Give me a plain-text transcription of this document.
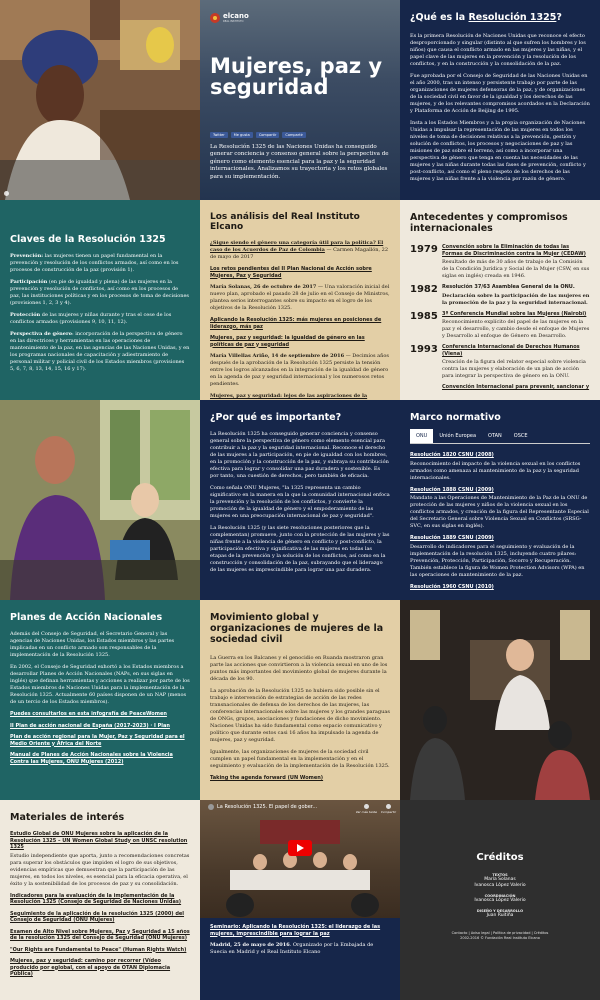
elcano
REAL INSTITUTO
Mujeres, paz y seguridad
Twitter	Me gusta	Compartir	Compartir
La Resolución 1325 de las Naciones Unidas ha conseguido generar conciencia y consenso general sobre la perspectiva de género como elemento esencial para la paz y la seguridad internacionales. Analizamos su trayectoria y los retos globales para su implementación.
¿Qué es la Resolución 1325?
Es la primera Resolución de Naciones Unidas que reconoce el efecto desproporcionado y singular (distinto al que sufren los hombres y los niños) que causa el conflicto armado en las mujeres y las niñas, y el papel clave de las mujeres en la prevención y la resolución de los conflictos, y en la construcción y la consolidación de la paz.
Fue aprobada por el Consejo de Seguridad de las Naciones Unidas en el año 2000, tras un intenso y persistente trabajo por parte de las organizaciones de mujeres defensoras de la paz, y de organizaciones de la sociedad civil en favor de la igualdad y los derechos de las mujeres, y de los relevantes compromisos acordados en la Declaración y Plataforma de Acción de Beijing de 1995.
Insta a los Estados Miembros y a la propia organización de Naciones Unidas a impulsar la representación de las mujeres en todos los niveles de toma de decisiones relativas a la prevención, gestión y solución de conflictos, los procesos y negociaciones de paz y las misiones de paz sobre el terreno, así como a incorporar una perspectiva de género que tenga en cuenta las necesidades de las mujeres y las niñas durante todas las fases de prevención, conflicto y post-conflicto, así como el pleno respeto de los derechos de las mujeres y las niñas frente a la violencia por razón de género.
Claves de la Resolución 1325
Prevención: las mujeres tienen un papel fundamental en la prevención y resolución de los conflictos armados, así como en los procesos de construcción de la paz (provisión 1).
Participación (en pie de igualdad y plena) de las mujeres en la prevención y resolución de conflictos, así como en los procesos de paz, las instituciones políticas y en los procesos de toma de decisiones (provisiones 1, 2, 3 y 4).
Protección de las mujeres y niñas durante y tras el cese de los conflictos armados (provisiones 9, 10, 11, 12).
Perspectiva de género: incorporación de la perspectiva de género en las directrices y herramientas en las operaciones de mantenimiento de la paz, en las agencias de las Naciones Unidas, y en los programas nacionales de capacitación y adiestramiento de personal militar y policial civil de los Estados miembros (provisiones 5, 6, 7, 8, 13, 14, 15, 16 y 17).
Los análisis del Real Instituto Elcano
¿Sigue siendo el género una categoría útil para la política? El caso de los Acuerdos de Paz de Colombia — Carmen Magallón, 22 de mayo de 2017
Los retos pendientes del II Plan Nacional de Acción sobre Mujeres, Paz y Seguridad
María Solanas, 26 de octubre de 2017 — Una valoración inicial del nuevo plan, aprobado el pasado 28 de julio en el Consejo de Ministros, plantea serios interrogantes sobre su impacto en el logro de los objetivos de la Resolución 1325.
Aplicando la Resolución 1325: más mujeres en posiciones de liderazgo, más paz
Mujeres, paz y seguridad: la igualdad de género en las políticas de paz y seguridad
María Villellas Ariño, 14 de septiembre de 2016 — Decimíos años después de la aprobación de la Resolución 1325 persiste la tensión entre los logros alcanzados en la integración de la igualdad de género en la agenda de paz y seguridad internacional y los numerosos retos pendientes.
Mujeres, paz y seguridad: lejos de las aspiraciones de la
Antecedentes y compromisos internacionales
1979 Convención sobre la Eliminación de todas las Formas de Discriminación contra la Mujer (CEDAW)
Resultado de más de 30 años de trabajo de la Comisión de la Condición Jurídica y Social de la Mujer (CSW, en sus siglas en inglés) creada en 1946.
1982 Resolución 37/63 Asamblea General de la ONU.
Declaración sobre la participación de las mujeres en la promoción de la paz y la seguridad internacional.
1985 3ª Conferencia Mundial sobre las Mujeres (Nairobi)
Reconocimiento explícito del papel de las mujeres en la paz y el desarrollo, y cambio desde el enfoque de Mujeres y Desarrollo al enfoque de Género en Desarrollo.
1993 Conferencia Internacional de Derechos Humanos (Viena)
Creación de la figura del relator especial sobre violencia contra las mujeres y elaboración de un plan de acción para integrar la perspectiva de género en la ONU.
Convención Internacional para prevenir, sancionar y
¿Por qué es importante?
La Resolución 1325 ha conseguido generar conciencia y consenso general sobre la perspectiva de género como elemento esencial para contribuir a la paz y la seguridad internacional. Reconoce el derecho de las mujeres a la participación, en pie de igualdad con los hombres, en la promoción y la construcción de la paz, y subraya su contribución efectiva para lograr y consolidar una paz duradera y sostenible. Es por tanto, una cuestión de derechos, pero también de eficacia.
Como señala ONU Mujeres, "la 1325 representa un cambio significativo en la manera en la que la comunidad internacional enfoca la prevención y la resolución de los conflictos, y convierte la promoción de la igualdad de género y el empoderamiento de las mujeres en una preocupación internacional de paz y seguridad".
La Resolución 1325 (y las siete resoluciones posteriores que la complementan) promueve, junto con la protección de las mujeres y las niñas frente a la violencia de género en conflicto y post-conflicto, la participación efectiva y significativa de las mujeres en todas las etapas de la prevención y la solución de los conflictos, así como en la construcción y consolidación de la paz, subrayando que el liderazgo de las mujeres es imprescindible para lograr una paz duradera.
Marco normativo
ONU	Unión Europea	OTAN	OSCE
Resolución 1820 CSNU (2008)
Reconocimiento del impacto de la violencia sexual en los conflictos armados como amenaza al mantenimiento de la paz y la seguridad internacionales.
Resolución 1888 CSNU (2009)
Mandato a las Operaciones de Mantenimiento de la Paz de la ONU de protección de las mujeres y niños de la violencia sexual en los conflictos armados, y creación de la figura del Representante Especial del Secretario General sobre Violencia Sexual en Conflictos (SRSG-SVC, en sus siglas en inglés).
Resolución 1889 CSNU (2009)
Desarrollo de indicadores para el seguimiento y evaluación de la implementación de la resolución 1325, incluyendo cuatro pilares: Prevención, Protección, Participación, Socorro y Recuperación. También establece la figura de Women Protection Advisors (WPA) en las operaciones de mantenimiento de la paz.
Resolución 1960 CSNU (2010)
Planes de Acción Nacionales
Además del Consejo de Seguridad, el Secretario General y las agencias de Naciones Unidas, los Estados miembros y las partes implicadas en un conflicto armado son responsables de la implementación de la Resolución 1325.
En 2002, el Consejo de Seguridad exhortó a los Estados miembros a desarrollar Planes de Acción Nacionales (NAPs, en sus siglas en inglés) que definan herramientas y acciones a realizar por parte de los Estados miembros de Naciones Unidas para la implementación de la Resolución 1325. Actualmente 60 países disponen de un NAP (menos de un tercio de los Estados miembros).
Puedes consultarlos en esta infografía de PeaceWomen
II Plan de acción nacional de España (2017-2023) · I Plan
Plan de acción regional para la Mujer, Paz y Seguridad para el Medio Oriente y África del Norte
Manual de Planes de Acción Nacionales sobre la Violencia Contra las Mujeres, ONU Mujeres (2012)
Movimiento global y organizaciones de mujeres de la sociedad civil
La Guerra en los Balcanes y el genocidio en Ruanda mostraron gran parte las acciones que convirtieron a la violencia sexual en uno de los puntos más importantes del movimiento global de mujeres durante la década de los 90.
La aprobación de la Resolución 1325 no hubiera sido posible sin el trabajo e intervención de estrategias de acción de las redes transnacionales de defensa de los derechos de las mujeres, las conferencias internacionales sobre las mujeres y los grandes paraguas de ONGs, grupos, asociaciones y fundaciones de dicho movimiento. Naciones Unidas ha sido fundamental como espacio comunicativo y político que durante estos casi 16 años ha impulsado la agenda de mujeres, paz y seguridad.
Igualmente, las organizaciones de mujeres de la sociedad civil cumplen un papel fundamental en la implementación y en el seguimiento y evaluación de la implementación de la Resolución 1325.
Taking the agenda forward (UN Women)
Materiales de interés
Estudio Global de ONU Mujeres sobre la aplicación de la Resolución 1325 – UN Women Global Study on UNSC resolution 1325
Estudio independiente que aporta, junto a recomendaciones concretas para superar los obstáculos que impiden el logro de sus objetivos, evidencias empíricas que demuestran que la participación de las mujeres, en todos los niveles, es esencial para la eficacia operativa, el éxito y la sostenibilidad de los procesos de paz y su consolidación.
Indicadores para la evaluación de la implementación de la Resolución 1325 (Consejo de Seguridad de Naciones Unidas)
Seguimiento de la aplicación de la resolución 1325 (2000) del Consejo de Seguridad (ONU Mujeres)
Examen de Alto Nivel sobre Mujeres, Paz y Seguridad a 15 años de la resolución 1325 del Consejo de Seguridad (ONU Mujeres)
"Our Rights are Fundamental to Peace" (Human Rights Watch)
Mujeres, paz y seguridad: camino por recorrer (Vídeo producido por eglobal, con el apoyo de OTAN Diplomacia Pública)
La Resolución 1325. El papel de gober...
Ver más tarde Compartir
Seminario: Aplicando la Resolución 1325: el liderazgo de las mujeres, imprescindible para lograr la paz
Madrid, 25 de mayo de 2016. Organizado por la Embajada de Suecia en Madrid y el Real Instituto Elcano
Créditos
TEXTOS
María Solanas
Ivanosca López Valerio
COORDINACIÓN
Ivanosca López Valerio
DISEÑO Y DESARROLLO
Juan Ruitiña
Contacto | Aviso legal | Política de privacidad | Créditos
2002-2016 © Fundación Real Instituto Elcano
